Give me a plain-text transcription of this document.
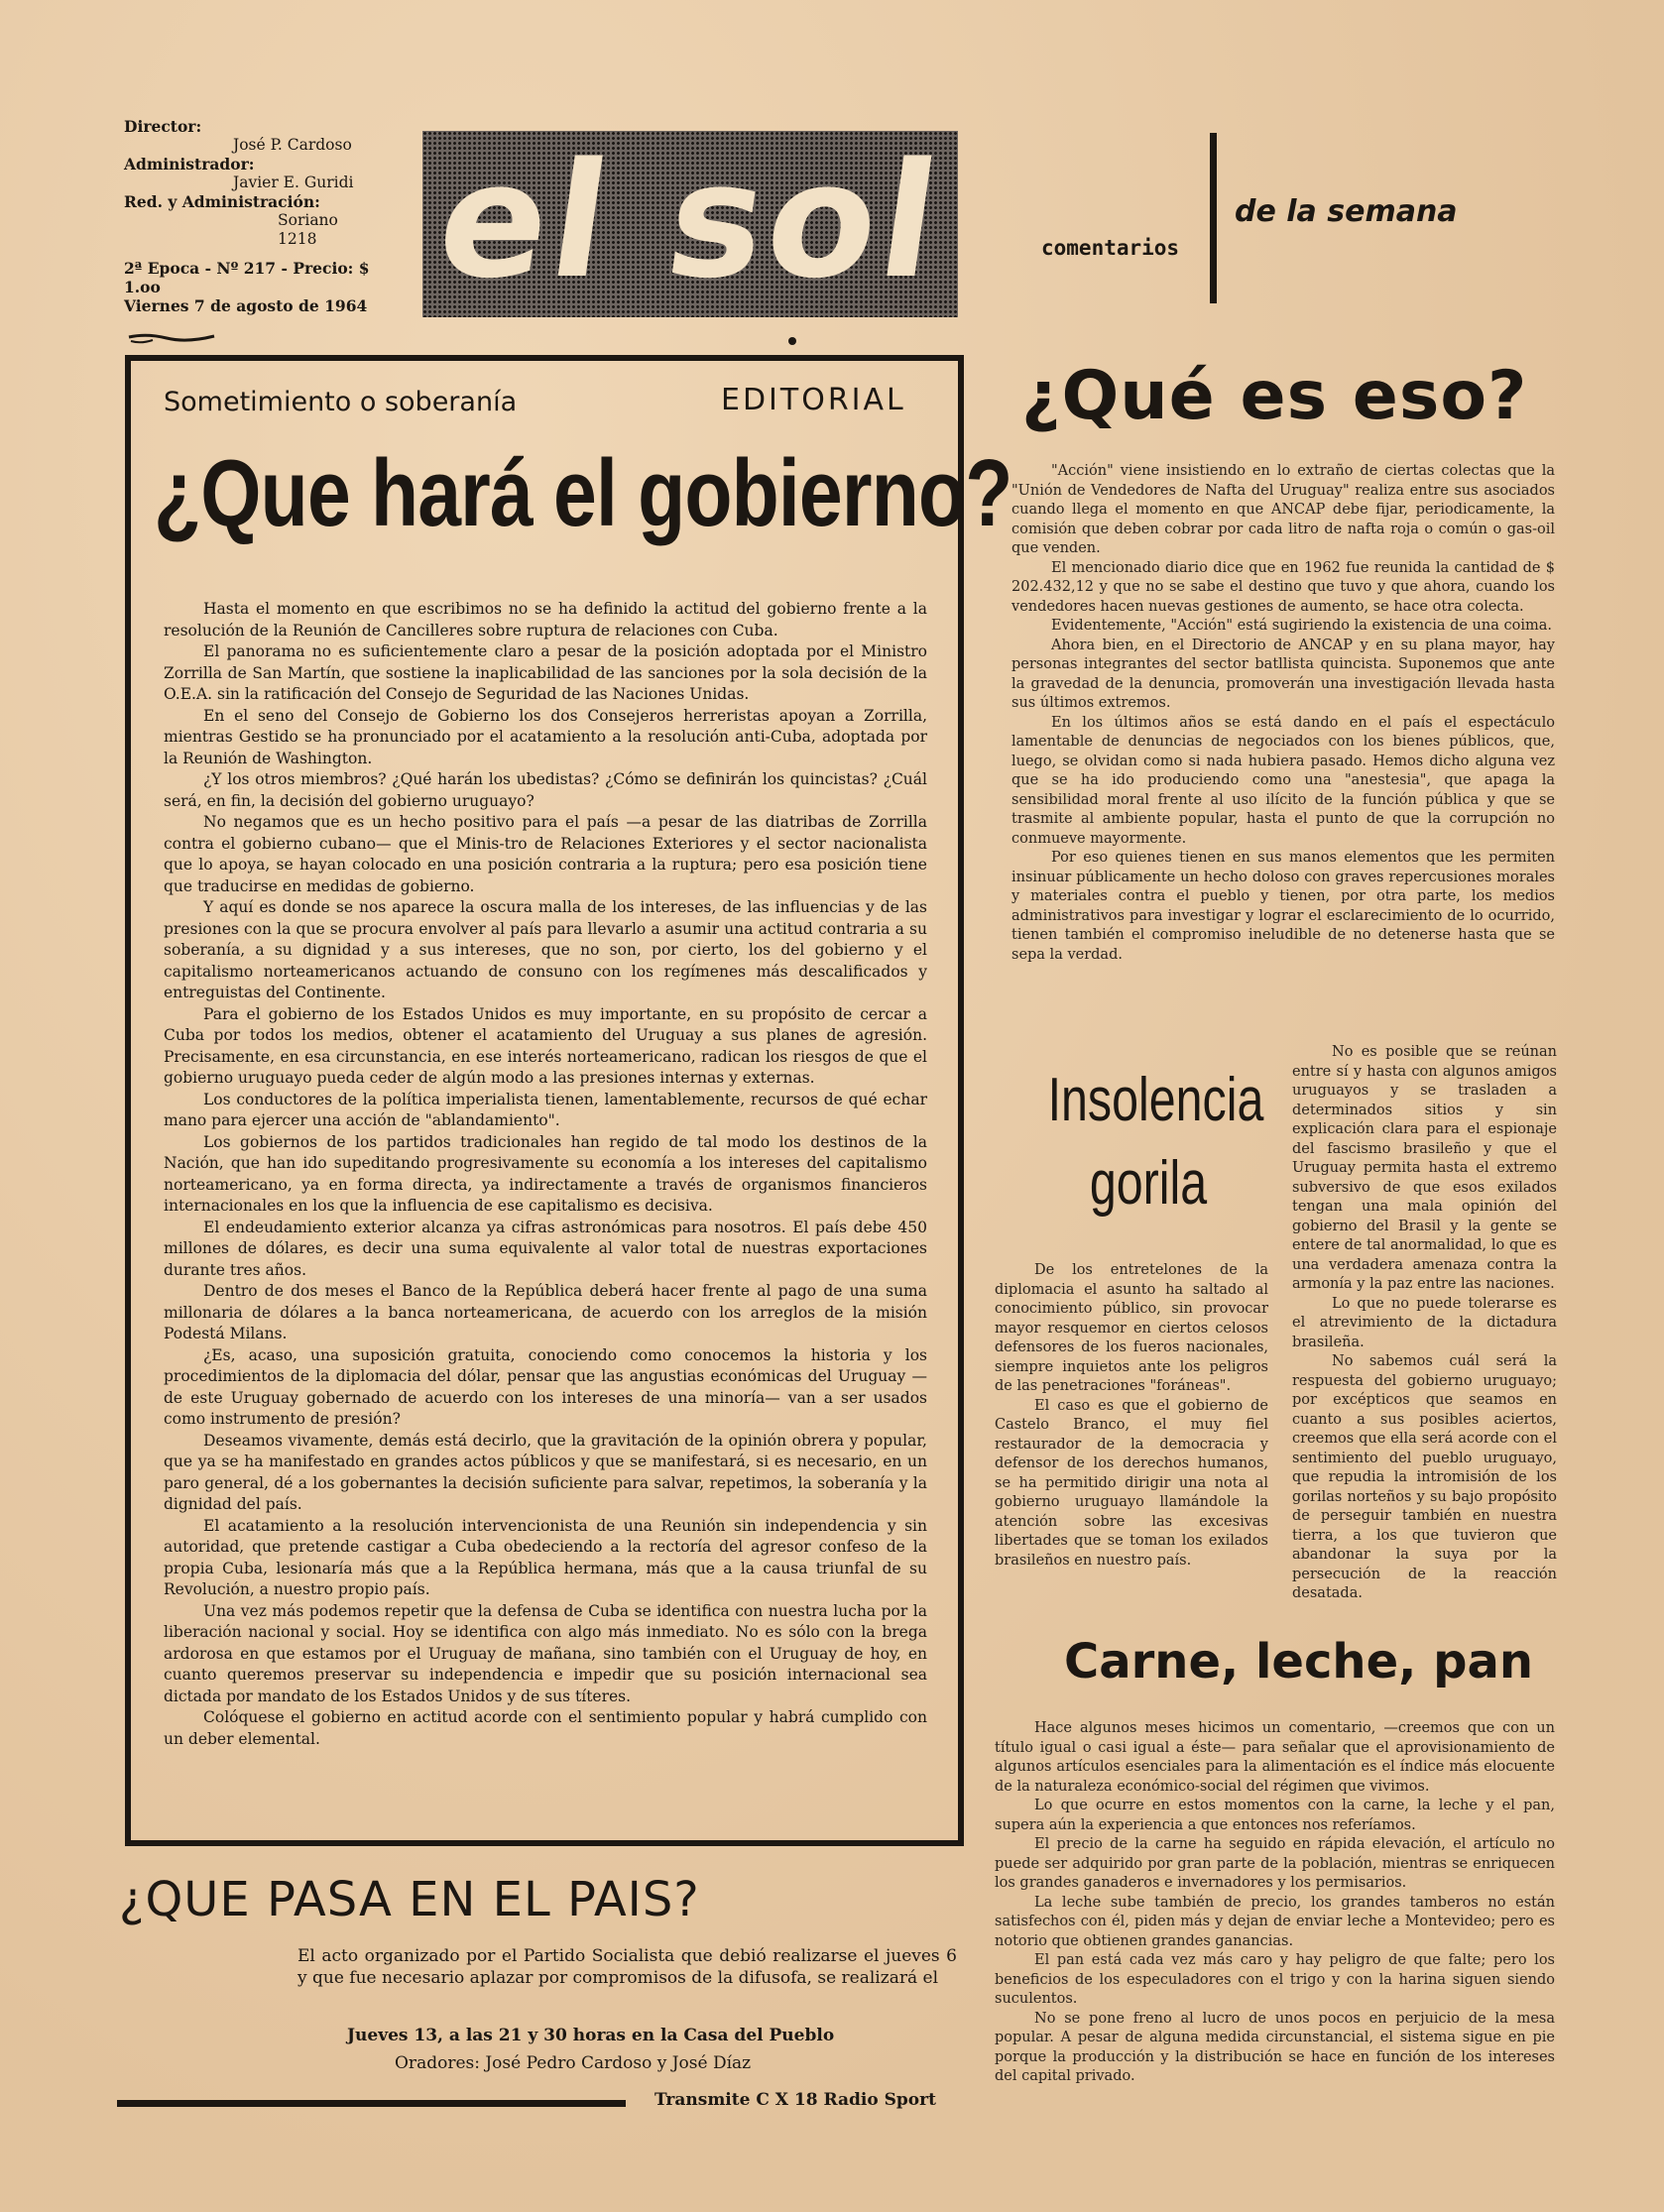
Director:
José P. Cardoso
Administrador:
Javier E. Guridi
Red. y Administración:
Soriano 1218
2ª Epoca - Nº 217 - Precio: $ 1.oo
Viernes 7 de agosto de 1964 el sol	comentarios
de la semana
Sometimiento o soberanía	EDITORIAL
¿Que hará el gobierno?

Hasta el momento en que escribimos no se ha definido la actitud del gobierno frente a la resolución de la Reunión de Cancilleres sobre ruptura de relaciones con Cuba.

El panorama no es suficientemente claro a pesar de la posición adoptada por el Ministro Zorrilla de San Martín, que sostiene la inaplicabilidad de las sanciones por la sola decisión de la O.E.A. sin la ratificación del Consejo de Seguridad de las Naciones Unidas.

En el seno del Consejo de Gobierno los dos Consejeros herreristas apoyan a Zorrilla, mientras Gestido se ha pronunciado por el acatamiento a la resolución anti-Cuba, adoptada por la Reunión de Washington.

¿Y los otros miembros? ¿Qué harán los ubedistas? ¿Cómo se definirán los quincistas? ¿Cuál será, en fin, la decisión del gobierno uruguayo?

No negamos que es un hecho positivo para el país —a pesar de las diatribas de Zorrilla contra el gobierno cubano— que el Minis-tro de Relaciones Exteriores y el sector nacionalista que lo apoya, se hayan colocado en una posición contraria a la ruptura; pero esa posición tiene que traducirse en medidas de gobierno.

Y aquí es donde se nos aparece la oscura malla de los intereses, de las influencias y de las presiones con la que se procura envolver al país para llevarlo a asumir una actitud contraria a su soberanía, a su dignidad y a sus intereses, que no son, por cierto, los del gobierno y el capitalismo norteamericanos actuando de consuno con los regímenes más descalificados y entreguistas del Continente.

Para el gobierno de los Estados Unidos es muy importante, en su propósito de cercar a Cuba por todos los medios, obtener el acatamiento del Uruguay a sus planes de agresión. Precisamente, en esa circunstancia, en ese interés norteamericano, radican los riesgos de que el gobierno uruguayo pueda ceder de algún modo a las presiones internas y externas.

Los conductores de la política imperialista tienen, lamentablemente, recursos de qué echar mano para ejercer una acción de "ablandamiento".

Los gobiernos de los partidos tradicionales han regido de tal modo los destinos de la Nación, que han ido supeditando progresivamente su economía a los intereses del capitalismo norteamericano, ya en forma directa, ya indirectamente a través de organismos financieros internacionales en los que la influencia de ese capitalismo es decisiva.

El endeudamiento exterior alcanza ya cifras astronómicas para nosotros. El país debe 450 millones de dólares, es decir una suma equivalente al valor total de nuestras exportaciones durante tres años.

Dentro de dos meses el Banco de la República deberá hacer frente al pago de una suma millonaria de dólares a la banca norteamericana, de acuerdo con los arreglos de la misión Podestá Milans.

¿Es, acaso, una suposición gratuita, conociendo como conocemos la historia y los procedimientos de la diplomacia del dólar, pensar que las angustias económicas del Uruguay —de este Uruguay gobernado de acuerdo con los intereses de una minoría— van a ser usados como instrumento de presión?

Deseamos vivamente, demás está decirlo, que la gravitación de la opinión obrera y popular, que ya se ha manifestado en grandes actos públicos y que se manifestará, si es necesario, en un paro general, dé a los gobernantes la decisión suficiente para salvar, repetimos, la soberanía y la dignidad del país.

El acatamiento a la resolución intervencionista de una Reunión sin independencia y sin autoridad, que pretende castigar a Cuba obedeciendo a la rectoría del agresor confeso de la propia Cuba, lesionaría más que a la República hermana, más que a la causa triunfal de su Revolución, a nuestro propio país.

Una vez más podemos repetir que la defensa de Cuba se identifica con nuestra lucha por la liberación nacional y social. Hoy se identifica con algo más inmediato. No es sólo con la brega ardorosa en que estamos por el Uruguay de mañana, sino también con el Uruguay de hoy, en cuanto queremos preservar su independencia e impedir que su posición internacional sea dictada por mandato de los Estados Unidos y de sus títeres.

Colóquese el gobierno en actitud acorde con el sentimiento popular y habrá cumplido con un deber elemental.

¿QUE PASA EN EL PAIS?
El acto organizado por el Partido Socialista que debió realizarse el jueves 6 y que fue necesario aplazar por compromisos de la difusofa, se realizará el
Jueves 13, a las 21 y 30 horas en la Casa del Pueblo
Oradores: José Pedro Cardoso y José Díaz
Transmite C X 18 Radio Sport
¿Qué es eso?

"Acción" viene insistiendo en lo extraño de ciertas colectas que la "Unión de Vendedores de Nafta del Uruguay" realiza entre sus asociados cuando llega el momento en que ANCAP debe fijar, periodicamente, la comisión que deben cobrar por cada litro de nafta roja o común o gas-oil que venden.

El mencionado diario dice que en 1962 fue reunida la cantidad de $ 202.432,12 y que no se sabe el destino que tuvo y que ahora, cuando los vendedores hacen nuevas gestiones de aumento, se hace otra colecta.

Evidentemente, "Acción" está sugiriendo la existencia de una coima.

Ahora bien, en el Directorio de ANCAP y en su plana mayor, hay personas integrantes del sector batllista quincista. Suponemos que ante la gravedad de la denuncia, promoverán una investigación llevada hasta sus últimos extremos.

En los últimos años se está dando en el país el espectáculo lamentable de denuncias de negociados con los bienes públicos, que, luego, se olvidan como si nada hubiera pasado. Hemos dicho alguna vez que se ha ido produciendo como una "anestesia", que apaga la sensibilidad moral frente al uso ilícito de la función pública y que se trasmite al ambiente popular, hasta el punto de que la corrupción no conmueve mayormente.

Por eso quienes tienen en sus manos elementos que les permiten insinuar públicamente un hecho doloso con graves repercusiones morales y materiales contra el pueblo y tienen, por otra parte, los medios administrativos para investigar y lograr el esclarecimiento de lo ocurrido, tienen también el compromiso ineludible de no detenerse hasta que se sepa la verdad.

Insolencia
gorila

No es posible que se reúnan entre sí y hasta con algunos amigos uruguayos y se trasladen a determinados sitios y sin explicación clara para el espionaje del fascismo brasileño y que el Uruguay permita hasta el extremo subversivo de que esos exilados tengan una mala opinión del gobierno del Brasil y la gente se entere de tal anormalidad, lo que es una verdadera amenaza contra la armonía y la paz entre las naciones.

Lo que no puede tolerarse es el atrevimiento de la dictadura brasileña.

No sabemos cuál será la respuesta del gobierno uruguayo; por excépticos que seamos en cuanto a sus posibles aciertos, creemos que ella será acorde con el sentimiento del pueblo uruguayo, que repudia la intromisión de los gorilas norteños y su bajo propósito de perseguir también en nuestra tierra, a los que tuvieron que abandonar la suya por la persecución de la reacción desatada.

De los entretelones de la diplomacia el asunto ha saltado al conocimiento público, sin provocar mayor resquemor en ciertos celosos defensores de los fueros nacionales, siempre inquietos ante los peligros de las penetraciones "foráneas".

El caso es que el gobierno de Castelo Branco, el muy fiel restaurador de la democracia y defensor de los derechos humanos, se ha permitido dirigir una nota al gobierno uruguayo llamándole la atención sobre las excesivas libertades que se toman los exilados brasileños en nuestro país.

Carne, leche, pan

Hace algunos meses hicimos un comentario, —creemos que con un título igual o casi igual a éste— para señalar que el aprovisionamiento de algunos artículos esenciales para la alimentación es el índice más elocuente de la naturaleza económico-social del régimen que vivimos.

Lo que ocurre en estos momentos con la carne, la leche y el pan, supera aún la experiencia a que entonces nos referíamos.

El precio de la carne ha seguido en rápida elevación, el artículo no puede ser adquirido por gran parte de la población, mientras se enriquecen los grandes ganaderos e invernadores y los permisarios.

La leche sube también de precio, los grandes tamberos no están satisfechos con él, piden más y dejan de enviar leche a Montevideo; pero es notorio que obtienen grandes ganancias.

El pan está cada vez más caro y hay peligro de que falte; pero los beneficios de los especuladores con el trigo y con la harina siguen siendo suculentos.

No se pone freno al lucro de unos pocos en perjuicio de la mesa popular. A pesar de alguna medida circunstancial, el sistema sigue en pie porque la producción y la distribución se hace en función de los intereses del capital privado.
